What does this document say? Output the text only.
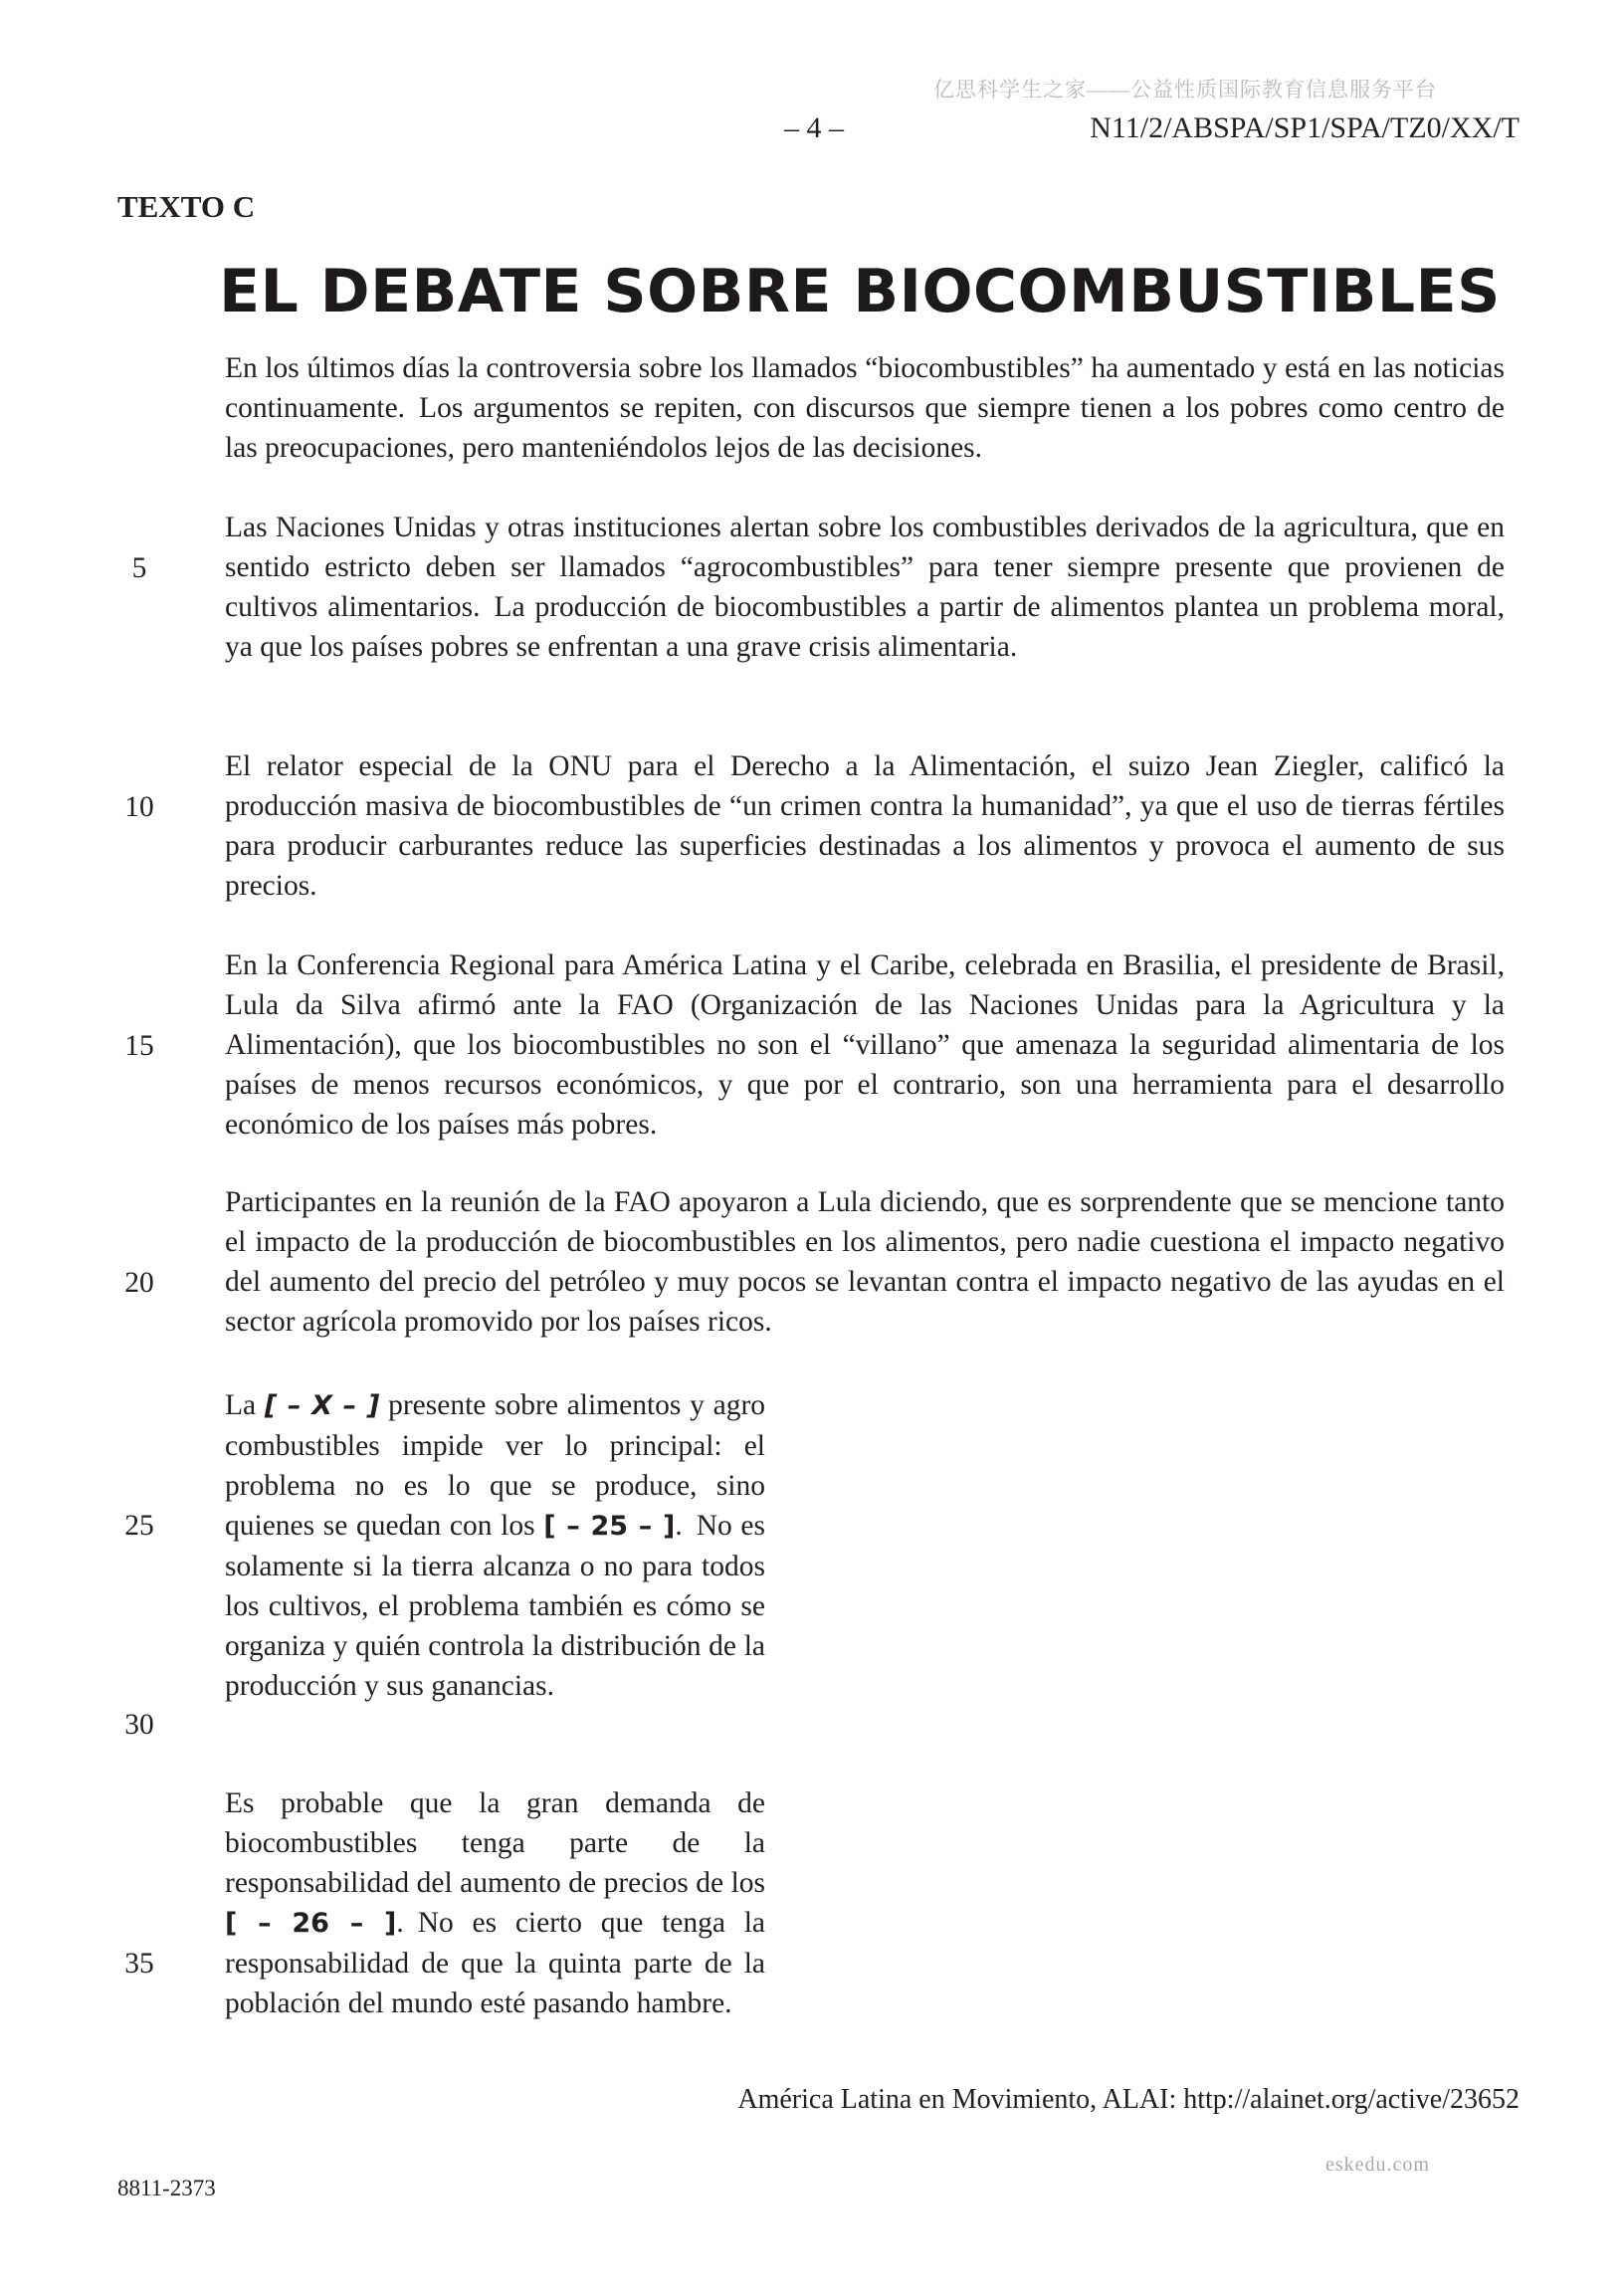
亿思科学生之家——公益性质国际教育信息服务平台
– 4 –	N11/2/ABSPA/SP1/SPA/TZ0/XX/T
TEXTO C
EL DEBATE SOBRE BIOCOMBUSTIBLES
En los últimos días la controversia sobre los llamados “biocombustibles” ha aumentado y está en las noticias continuamente. Los argumentos se repiten, con discursos que siempre tienen a los pobres como centro de las preocupaciones, pero manteniéndolos lejos de las decisiones.
Las Naciones Unidas y otras instituciones alertan sobre los combustibles derivados de la agricultura, que en sentido estricto deben ser llamados “agrocombustibles” para tener siempre presente que provienen de cultivos alimentarios. La producción de biocombustibles a partir de alimentos plantea un problema moral, ya que los países pobres se enfrentan a una grave crisis alimentaria.
El relator especial de la ONU para el Derecho a la Alimentación, el suizo Jean Ziegler, calificó la producción masiva de biocombustibles de “un crimen contra la humanidad”, ya que el uso de tierras fértiles para producir carburantes reduce las superficies destinadas a los alimentos y provoca el aumento de sus precios.
En la Conferencia Regional para América Latina y el Caribe, celebrada en Brasilia, el presidente de Brasil, Lula da Silva afirmó ante la FAO (Organización de las Naciones Unidas para la Agricultura y la Alimentación), que los biocombustibles no son el “villano” que amenaza la seguridad alimentaria de los países de menos recursos económicos, y que por el contrario, son una herramienta para el desarrollo económico de los países más pobres.
Participantes en la reunión de la FAO apoyaron a Lula diciendo, que es sorprendente que se mencione tanto el impacto de la producción de biocombustibles en los alimentos, pero nadie cuestiona el impacto negativo del aumento del precio del petróleo y muy pocos se levantan contra el impacto negativo de las ayudas en el sector agrícola promovido por los países ricos.
La [ – X – ] presente sobre alimentos y agro combustibles impide ver lo principal: el problema no es lo que se produce, sino quienes se quedan con los [ – 25 – ]. No es solamente si la tierra alcanza o no para todos los cultivos, el problema también es cómo se organiza y quién controla la distribución de la producción y sus ganancias.
Es probable que la gran demanda de biocombustibles tenga parte de la responsabilidad del aumento de precios de los [ – 26 – ]. No es cierto que tenga la responsabilidad de que la quinta parte de la población del mundo esté pasando hambre.
5
10
15
20
25
30
35
América Latina en Movimiento, ALAI: http://alainet.org/active/23652
8811-2373
eskedu.com
